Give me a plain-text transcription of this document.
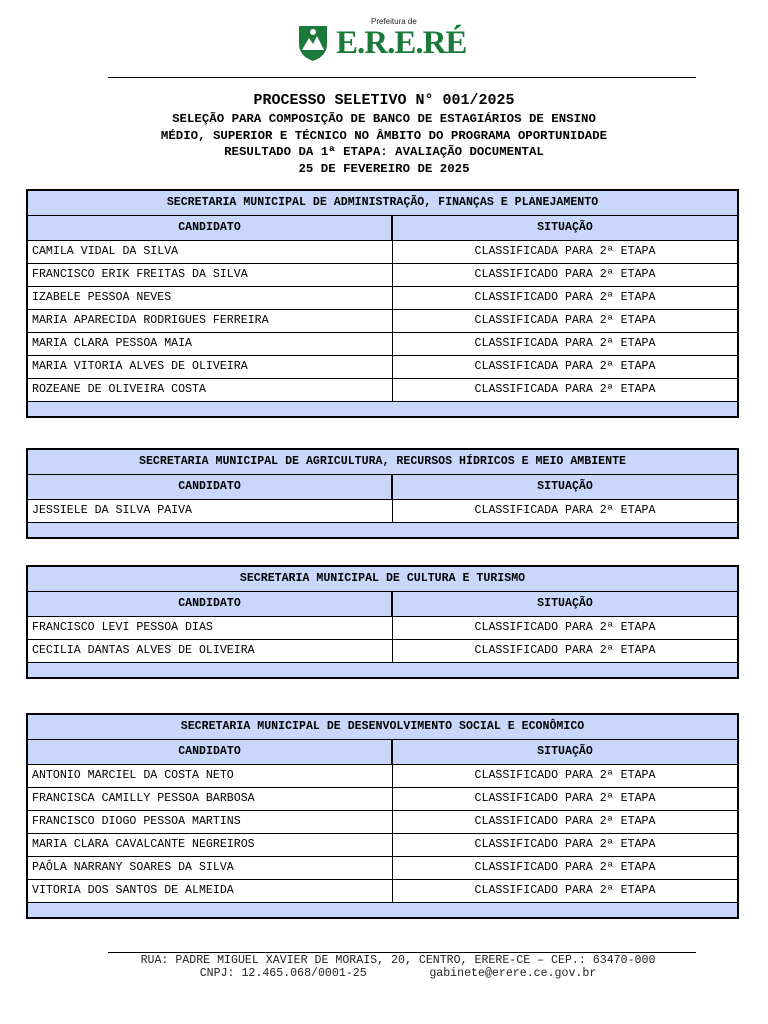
Prefeitura de
E.R.E.RÉ
PROCESSO SELETIVO N° 001/2025
SELEÇÃO PARA COMPOSIÇÃO DE BANCO DE ESTAGIÁRIOS DE ENSINO
MÉDIO, SUPERIOR E TÉCNICO NO ÂMBITO DO PROGRAMA OPORTUNIDADE
RESULTADO DA 1ª ETAPA: AVALIAÇÃO DOCUMENTAL
25 DE FEVEREIRO DE 2025
SECRETARIA MUNICIPAL DE ADMINISTRAÇÃO, FINANÇAS E PLANEJAMENTO
CANDIDATO	SITUAÇÃO
CAMILA VIDAL DA SILVA	CLASSIFICADA PARA 2ª ETAPA
FRANCISCO ERIK FREITAS DA SILVA	CLASSIFICADO PARA 2ª ETAPA
IZABELE PESSOA NEVES	CLASSIFICADO PARA 2ª ETAPA
MARIA APARECIDA RODRIGUES FERREIRA	CLASSIFICADA PARA 2ª ETAPA
MARIA CLARA PESSOA MAIA	CLASSIFICADA PARA 2ª ETAPA
MARIA VITORIA ALVES DE OLIVEIRA	CLASSIFICADA PARA 2ª ETAPA
ROZEANE DE OLIVEIRA COSTA	CLASSIFICADA PARA 2ª ETAPA
SECRETARIA MUNICIPAL DE AGRICULTURA, RECURSOS HÍDRICOS E MEIO AMBIENTE
CANDIDATO	SITUAÇÃO
JESSIELE DA SILVA PAIVA	CLASSIFICADA PARA 2ª ETAPA
SECRETARIA MUNICIPAL DE CULTURA E TURISMO
CANDIDATO	SITUAÇÃO
FRANCISCO LEVI PESSOA DIAS	CLASSIFICADO PARA 2ª ETAPA
CECILIA DANTAS ALVES DE OLIVEIRA	CLASSIFICADO PARA 2ª ETAPA
SECRETARIA MUNICIPAL DE DESENVOLVIMENTO SOCIAL E ECONÔMICO
CANDIDATO	SITUAÇÃO
ANTONIO MARCIEL DA COSTA NETO	CLASSIFICADO PARA 2ª ETAPA
FRANCISCA CAMILLY PESSOA BARBOSA	CLASSIFICADO PARA 2ª ETAPA
FRANCISCO DIOGO PESSOA MARTINS	CLASSIFICADO PARA 2ª ETAPA
MARIA CLARA CAVALCANTE NEGREIROS	CLASSIFICADO PARA 2ª ETAPA
PAÔLA NARRANY SOARES DA SILVA	CLASSIFICADO PARA 2ª ETAPA
VITORIA DOS SANTOS DE ALMEIDA	CLASSIFICADO PARA 2ª ETAPA
RUA: PADRE MIGUEL XAVIER DE MORAIS, 20, CENTRO, ERERE-CE – CEP.: 63470-000
CNPJ: 12.465.068/0001-25	gabinete@erere.ce.gov.br
